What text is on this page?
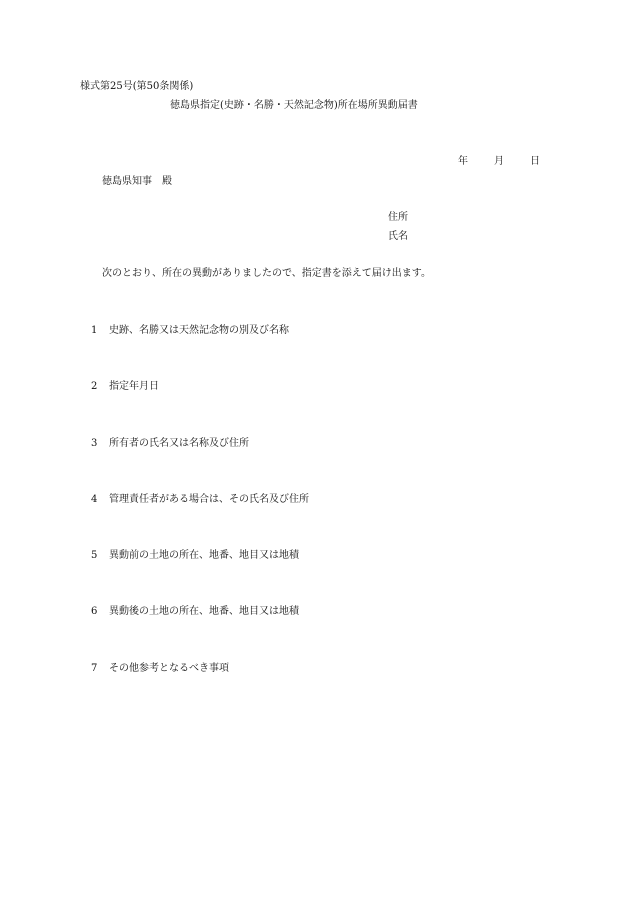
様式第25号(第50条関係)
徳島県指定(史跡・名勝・天然記念物)所在場所異動届書
年	月	日
徳島県知事　殿
住所
氏名
次のとおり、所在の異動がありましたので、指定書を添えて届け出ます。
1 史跡、名勝又は天然記念物の別及び名称
2 指定年月日
3 所有者の氏名又は名称及び住所
4 管理責任者がある場合は、その氏名及び住所
5 異動前の土地の所在、地番、地目又は地積
6 異動後の土地の所在、地番、地目又は地積
7 その他参考となるべき事項
